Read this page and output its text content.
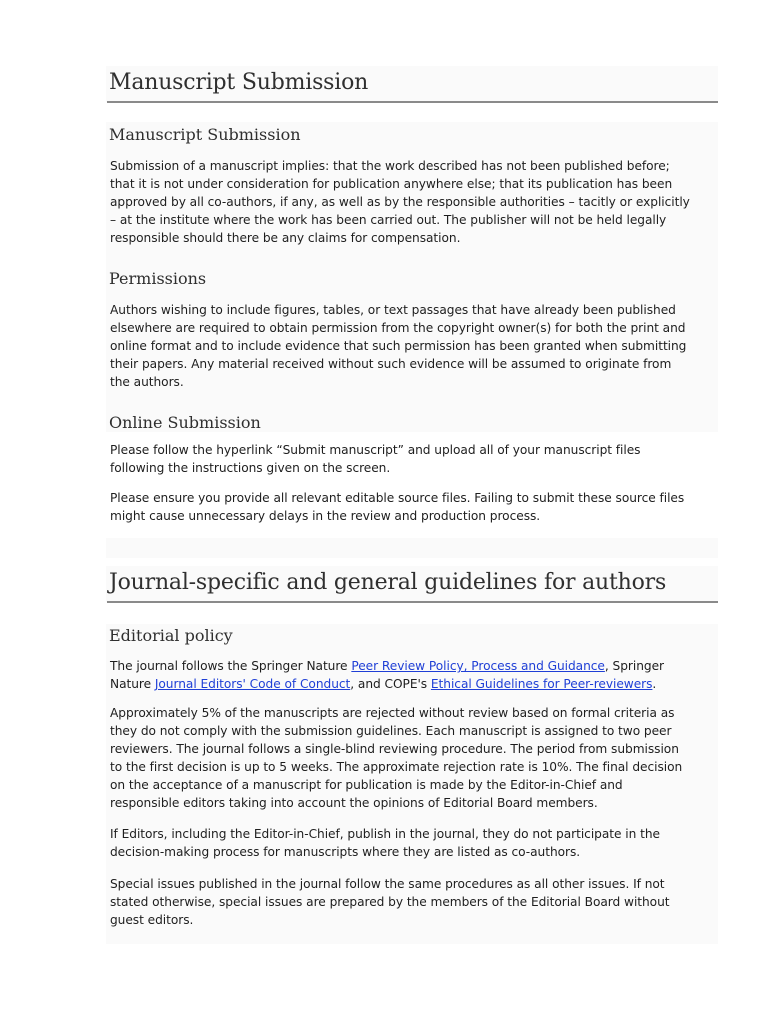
Manuscript Submission
Manuscript Submission
Submission of a manuscript implies: that the work described has not been published before;
that it is not under consideration for publication anywhere else; that its publication has been
approved by all co-authors, if any, as well as by the responsible authorities – tacitly or explicitly
– at the institute where the work has been carried out. The publisher will not be held legally
responsible should there be any claims for compensation.
Permissions
Authors wishing to include figures, tables, or text passages that have already been published
elsewhere are required to obtain permission from the copyright owner(s) for both the print and
online format and to include evidence that such permission has been granted when submitting
their papers. Any material received without such evidence will be assumed to originate from
the authors.
Online Submission
Please follow the hyperlink “Submit manuscript” and upload all of your manuscript files
following the instructions given on the screen.
Please ensure you provide all relevant editable source files. Failing to submit these source files
might cause unnecessary delays in the review and production process.
Journal-specific and general guidelines for authors
Editorial policy
The journal follows the Springer Nature Peer Review Policy, Process and Guidance, Springer
Nature Journal Editors' Code of Conduct, and COPE's Ethical Guidelines for Peer-reviewers.
Approximately 5% of the manuscripts are rejected without review based on formal criteria as
they do not comply with the submission guidelines. Each manuscript is assigned to two peer
reviewers. The journal follows a single-blind reviewing procedure. The period from submission
to the first decision is up to 5 weeks. The approximate rejection rate is 10%. The final decision
on the acceptance of a manuscript for publication is made by the Editor-in-Chief and
responsible editors taking into account the opinions of Editorial Board members.
If Editors, including the Editor-in-Chief, publish in the journal, they do not participate in the
decision-making process for manuscripts where they are listed as co-authors.
Special issues published in the journal follow the same procedures as all other issues. If not
stated otherwise, special issues are prepared by the members of the Editorial Board without
guest editors.
